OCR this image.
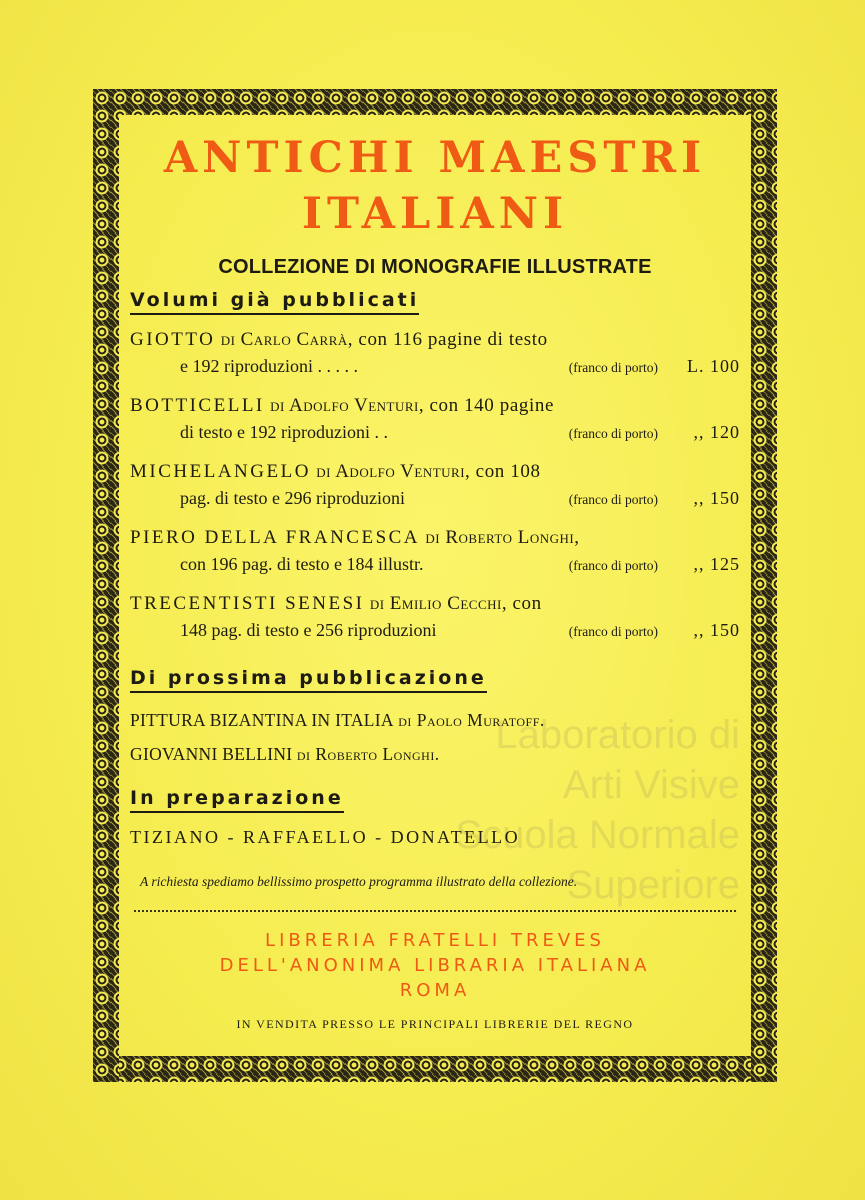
Laboratorio di Arti Visive
Scuola Normale Superiore
ANTICHI MAESTRI
ITALIANI
COLLEZIONE DI MONOGRAFIE ILLUSTRATE
Volumi già pubblicati
GIOTTO di Carlo Carrà, con 116 pagine di testo
e 192 riproduzioni . . . . .	(franco di porto)	L. 100
BOTTICELLI di Adolfo Venturi, con 140 pagine
di testo e 192 riproduzioni . .	(franco di porto)	,, 120
MICHELANGELO di Adolfo Venturi, con 108
pag. di testo e 296 riproduzioni	(franco di porto)	,, 150
PIERO DELLA FRANCESCA di Roberto Longhi,
con 196 pag. di testo e 184 illustr.	(franco di porto)	,, 125
TRECENTISTI SENESI di Emilio Cecchi, con
148 pag. di testo e 256 riproduzioni	(franco di porto)	,, 150
Di prossima pubblicazione
PITTURA BIZANTINA IN ITALIA di Paolo Muratoff.
GIOVANNI BELLINI di Roberto Longhi.
In preparazione
TIZIANO - RAFFAELLO - DONATELLO
A richiesta spediamo bellissimo prospetto programma illustrato della collezione.
LIBRERIA FRATELLI TREVES
DELL'ANONIMA LIBRARIA ITALIANA
ROMA
IN VENDITA PRESSO LE PRINCIPALI LIBRERIE DEL REGNO
